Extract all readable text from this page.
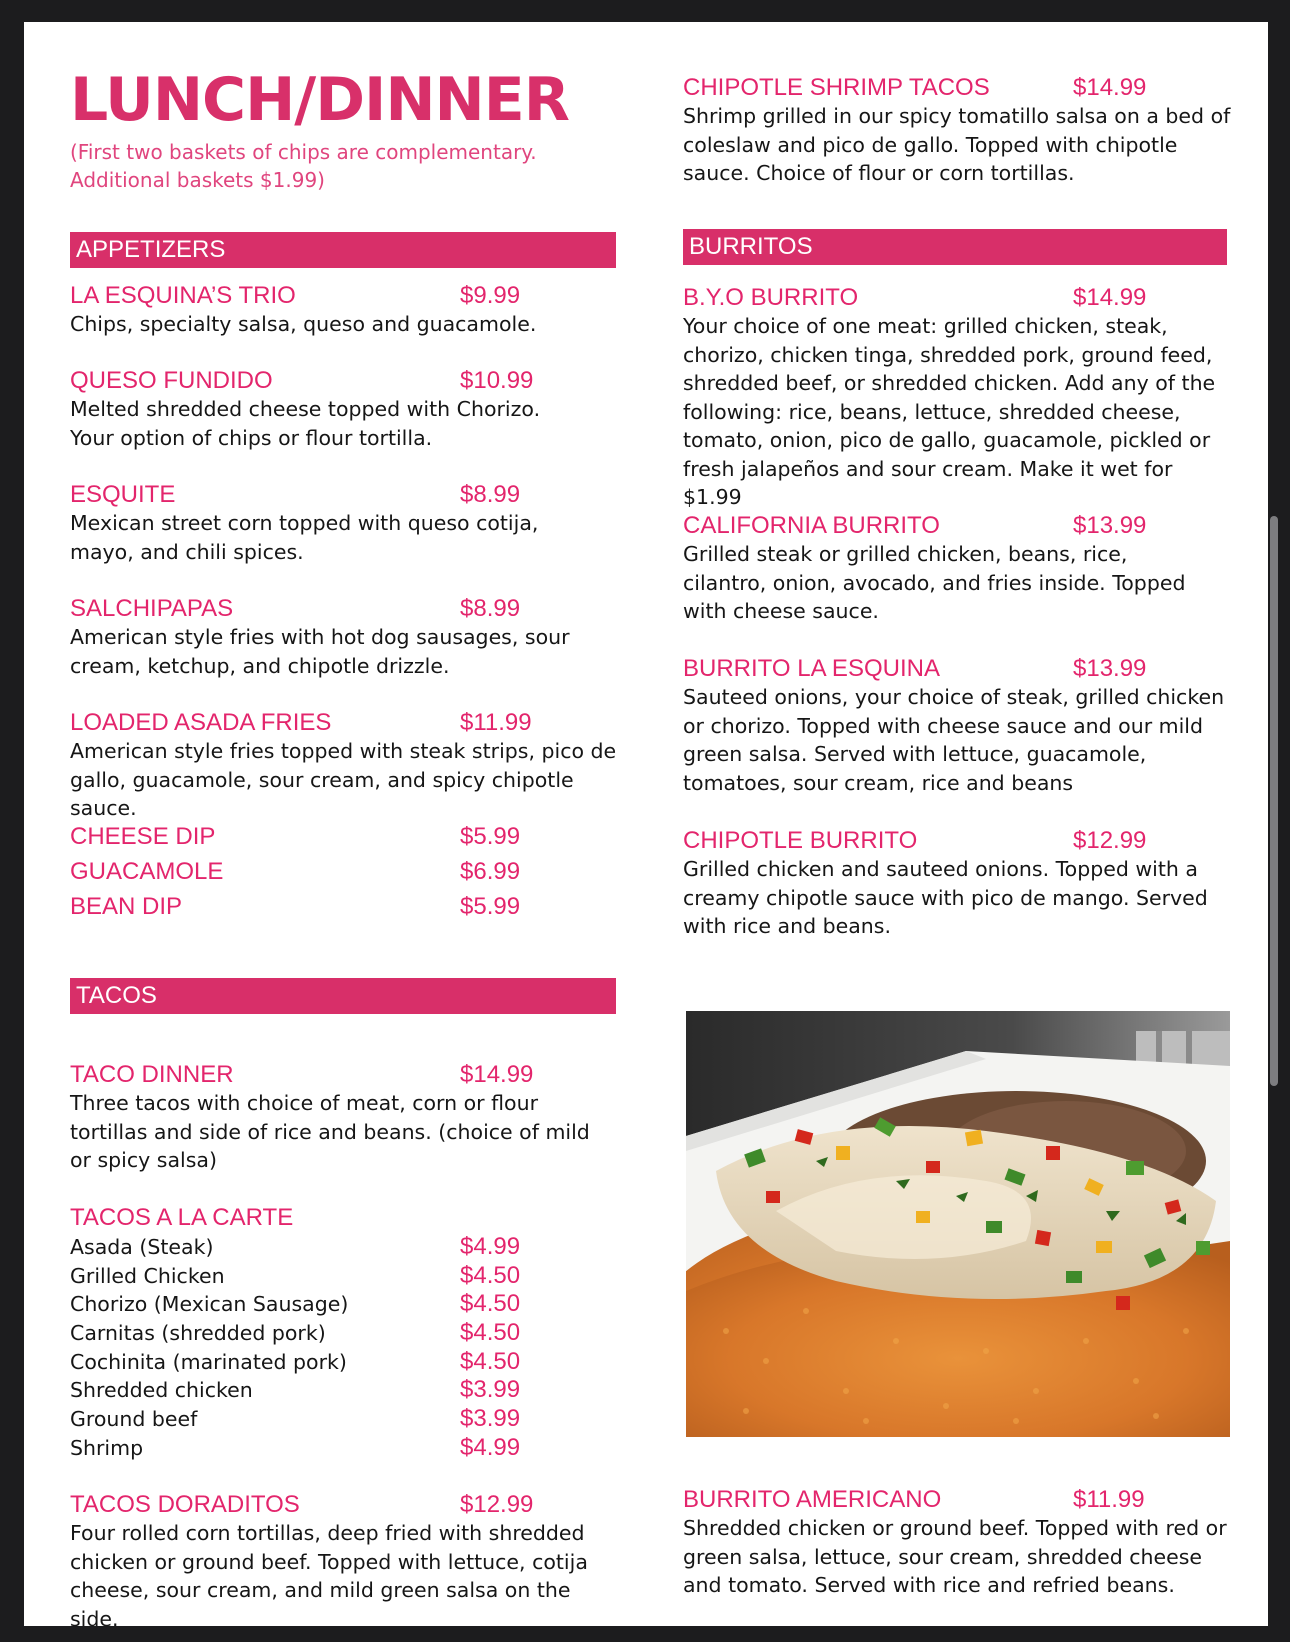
LUNCH/DINNER
(First two baskets of chips are complementary. Additional baskets $1.99)
APPETIZERS
LA ESQUINA’S TRIO	$9.99
Chips, specialty salsa, queso and guacamole.
QUESO FUNDIDO	$10.99
Melted shredded cheese topped with Chorizo. Your option of chips or flour tortilla.
ESQUITE	$8.99
Mexican street corn topped with queso cotija, mayo, and chili spices.
SALCHIPAPAS	$8.99
American style fries with hot dog sausages, sour cream, ketchup, and chipotle drizzle.
LOADED ASADA FRIES	$11.99
American style fries topped with steak strips, pico de gallo, guacamole, sour cream, and spicy chipotle sauce.
CHEESE DIP	$5.99
GUACAMOLE	$6.99
BEAN DIP	$5.99
TACOS
TACO DINNER	$14.99
Three tacos with choice of meat, corn or flour tortillas and side of rice and beans. (choice of mild or spicy salsa)
TACOS A LA CARTE
Asada (Steak)	$4.99
Grilled Chicken	$4.50
Chorizo (Mexican Sausage)	$4.50
Carnitas (shredded pork)	$4.50
Cochinita (marinated pork)	$4.50
Shredded chicken	$3.99
Ground beef	$3.99
Shrimp	$4.99
TACOS DORADITOS	$12.99
Four rolled corn tortillas, deep fried with shredded chicken or ground beef. Topped with lettuce, cotija cheese, sour cream, and mild green salsa on the side.
CHIPOTLE SHRIMP TACOS	$14.99
Shrimp grilled in our spicy tomatillo salsa on a bed of coleslaw and pico de gallo. Topped with chipotle sauce. Choice of flour or corn tortillas.
BURRITOS
B.Y.O BURRITO	$14.99
Your choice of one meat: grilled chicken, steak, chorizo, chicken tinga, shredded pork, ground feed, shredded beef, or shredded chicken. Add any of the following: rice, beans, lettuce, shredded cheese, tomato, onion, pico de gallo, guacamole, pickled or fresh jalapeños and sour cream. Make it wet for $1.99
CALIFORNIA BURRITO	$13.99
Grilled steak or grilled chicken, beans, rice, cilantro, onion, avocado, and fries inside. Topped with cheese sauce.
BURRITO LA ESQUINA	$13.99
Sauteed onions, your choice of steak, grilled chicken or chorizo. Topped with cheese sauce and our mild green salsa. Served with lettuce, guacamole, tomatoes, sour cream, rice and beans
CHIPOTLE BURRITO	$12.99
Grilled chicken and sauteed onions. Topped with a creamy chipotle sauce with pico de mango. Served with rice and beans.
BURRITO AMERICANO	$11.99
Shredded chicken or ground beef. Topped with red or green salsa, lettuce, sour cream, shredded cheese and tomato. Served with rice and refried beans.
